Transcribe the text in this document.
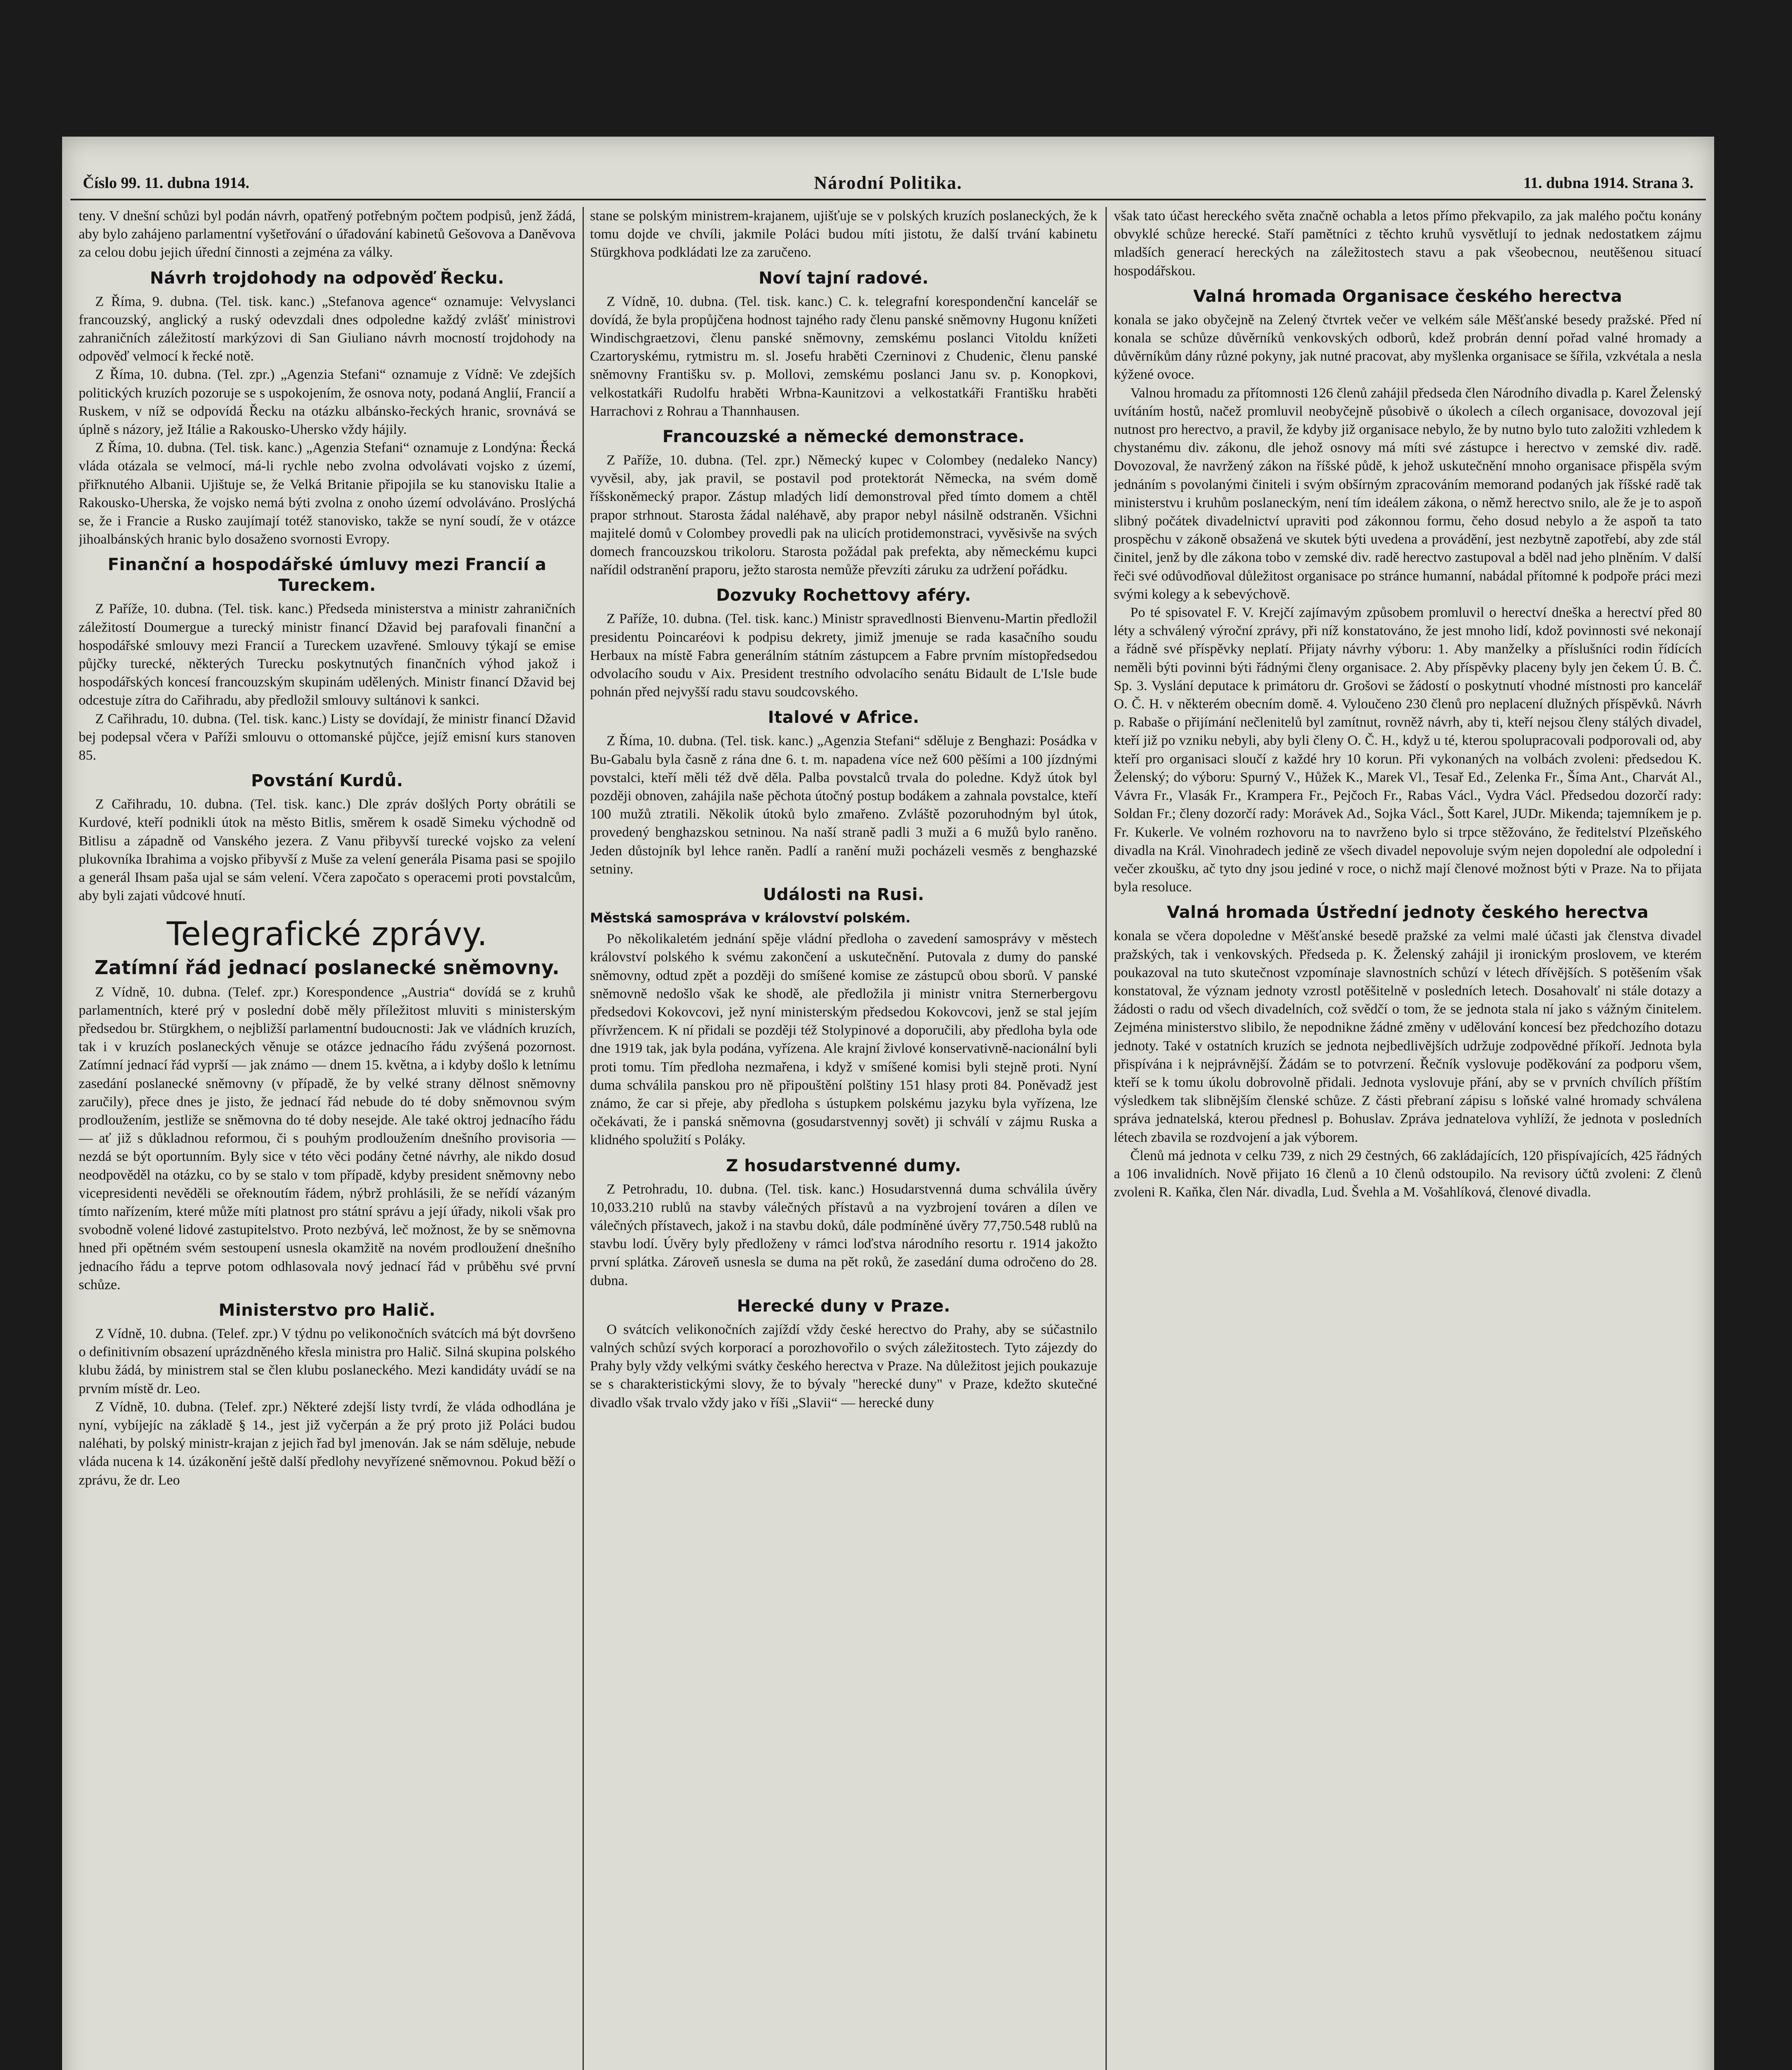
Číslo 99. 11. dubna 1914.	Národní Politika.	11. dubna 1914. Strana 3.

teny. V dnešní schůzi byl podán návrh, opatřený potřebným počtem podpisů, jenž žádá, aby bylo zahájeno parlamentní vyšetřování o úřadování kabinetů Gešovova a Daněvova za celou dobu jejich úřední činnosti a zejména za války.

Návrh trojdohody na odpověď Řecku.

Z Říma, 9. dubna. (Tel. tisk. kanc.) „Stefanova agence“ oznamuje: Velvyslanci francouzský, anglický a ruský odevzdali dnes odpoledne každý zvlášť ministrovi zahraničních záležitostí markýzovi di San Giuliano návrh mocností trojdohody na odpověď velmocí k řecké notě.

Z Říma, 10. dubna. (Tel. zpr.) „Agenzia Stefani“ oznamuje z Vídně: Ve zdejších politických kruzích pozoruje se s uspokojením, že osnova noty, podaná Anglií, Francií a Ruskem, v níž se odpovídá Řecku na otázku albánsko-řeckých hranic, srovnává se úplně s názory, jež Itálie a Rakousko-Uhersko vždy hájily.

Z Říma, 10. dubna. (Tel. tisk. kanc.) „Agenzia Stefani“ oznamuje z Londýna: Řecká vláda otázala se velmocí, má-li rychle nebo zvolna odvolávati vojsko z území, přiřknutého Albanii. Ujištuje se, že Velká Britanie připojila se ku stanovisku Italie a Rakousko-Uherska, že vojsko nemá býti zvolna z onoho území odvoláváno. Proslýchá se, že i Francie a Rusko zaujímají totéž stanovisko, takže se nyní soudí, že v otázce jihoalbánských hranic bylo dosaženo svornosti Evropy.

Finanční a hospodářské úmluvy mezi Francií a Tureckem.

Z Paříže, 10. dubna. (Tel. tisk. kanc.) Předseda ministerstva a ministr zahraničních záležitostí Doumergue a turecký ministr financí Džavid bej parafovali finanční a hospodářské smlouvy mezi Francií a Tureckem uzavřené. Smlouvy týkají se emise půjčky turecké, některých Turecku poskytnutých finančních výhod jakož i hospodářských koncesí francouzským skupinám udělených. Ministr financí Džavid bej odcestuje zítra do Cařihradu, aby předložil smlouvy sultánovi k sankci.

Z Cařihradu, 10. dubna. (Tel. tisk. kanc.) Listy se dovídají, že ministr financí Džavid bej podepsal včera v Paříži smlouvu o ottomanské půjčce, jejíž emisní kurs stanoven 85.

Povstání Kurdů.

Z Cařihradu, 10. dubna. (Tel. tisk. kanc.) Dle zpráv došlých Porty obrátili se Kurdové, kteří podnikli útok na město Bitlis, směrem k osadě Simeku východně od Bitlisu a západně od Vanského jezera. Z Vanu přibyvší turecké vojsko za velení plukovníka Ibrahima a vojsko přibyvší z Muše za velení generála Pisama pasi se spojilo a generál Ihsam paša ujal se sám velení. Včera započato s operacemi proti povstalcům, aby byli zajati vůdcové hnutí.

Telegrafické zprávy.
Zatímní řád jednací poslanecké sněmovny.

Z Vídně, 10. dubna. (Telef. zpr.) Korespondence „Austria“ dovídá se z kruhů parlamentních, které prý v poslední době měly příležitost mluviti s ministerským předsedou br. Stürgkhem, o nejbližší parlamentní budoucnosti: Jak ve vládních kruzích, tak i v kruzích poslaneckých věnuje se otázce jednacího řádu zvýšená pozornost. Zatímní jednací řád vyprší — jak známo — dnem 15. května, a i kdyby došlo k letnímu zasedání poslanecké sněmovny (v případě, že by velké strany dělnost sněmovny zaručily), přece dnes je jisto, že jednací řád nebude do té doby sněmovnou svým prodloužením, jestliže se sněmovna do té doby nesejde. Ale také oktroj jednacího řádu — ať již s důkladnou reformou, či s pouhým prodloužením dnešního provisoria — nezdá se být oportunním. Byly sice v této věci podány četné návrhy, ale nikdo dosud neodpověděl na otázku, co by se stalo v tom případě, kdyby president sněmovny nebo vicepresidenti nevěděli se ořeknoutím řádem, nýbrž prohlásili, že se neřídí vázaným tímto nařízením, které může míti platnost pro státní správu a její úřady, nikoli však pro svobodně volené lidové zastupitelstvo. Proto nezbývá, leč možnost, že by se sněmovna hned při opětném svém sestoupení usnesla okamžitě na novém prodloužení dnešního jednacího řádu a teprve potom odhlasovala nový jednací řád v průběhu své první schůze.

Ministerstvo pro Halič.

Z Vídně, 10. dubna. (Telef. zpr.) V týdnu po velikonočních svátcích má být dovršeno o definitivním obsazení uprázdněného křesla ministra pro Halič. Silná skupina polského klubu žádá, by ministrem stal se člen klubu poslaneckého. Mezi kandidáty uvádí se na prvním místě dr. Leo.

Z Vídně, 10. dubna. (Telef. zpr.) Některé zdejší listy tvrdí, že vláda odhodlána je nyní, vybíjejíc na základě § 14., jest již vyčerpán a že prý proto již Poláci budou naléhati, by polský ministr-krajan z jejich řad byl jmenován. Jak se nám sděluje, nebude vláda nucena k 14. úzákonění ještě další předlohy nevyřízené sněmovnou. Pokud běží o zprávu, že dr. Leo

stane se polským ministrem-krajanem, ujišťuje se v polských kruzích poslaneckých, že k tomu dojde ve chvíli, jakmile Poláci budou míti jistotu, že další trvání kabinetu Stürgkhova podkládati lze za zaručeno.

Noví tajní radové.

Z Vídně, 10. dubna. (Tel. tisk. kanc.) C. k. telegrafní korespondenční kancelář se dovídá, že byla propůjčena hodnost tajného rady členu panské sněmovny Hugonu knížeti Windischgraetzovi, členu panské sněmovny, zemskému poslanci Vitoldu knížeti Czartoryskému, rytmistru m. sl. Josefu hraběti Czerninovi z Chudenic, členu panské sněmovny Františku sv. p. Mollovi, zemskému poslanci Janu sv. p. Konopkovi, velkostatkáři Rudolfu hraběti Wrbna-Kaunitzovi a velkostatkáři Františku hraběti Harrachovi z Rohrau a Thannhausen.

Francouzské a německé demonstrace.

Z Paříže, 10. dubna. (Tel. zpr.) Německý kupec v Colombey (nedaleko Nancy) vyvěsil, aby, jak pravil, se postavil pod protektorát Německa, na svém domě říšskoněmecký prapor. Zástup mladých lidí demonstroval před tímto domem a chtěl prapor strhnout. Starosta žádal naléhavě, aby prapor nebyl násilně odstraněn. Všichni majitelé domů v Colombey provedli pak na ulicích protidemonstraci, vyvěsivše na svých domech francouzskou trikoloru. Starosta požádal pak prefekta, aby německému kupci nařídil odstranění praporu, ježto starosta nemůže převzíti záruku za udržení pořádku.

Dozvuky Rochettovy aféry.

Z Paříže, 10. dubna. (Tel. tisk. kanc.) Ministr spravedlnosti Bienvenu-Martin předložil presidentu Poincaréovi k podpisu dekrety, jimiž jmenuje se rada kasačního soudu Herbaux na místě Fabra generálním státním zástupcem a Fabre prvním místopředsedou odvolacího soudu v Aix. President trestního odvolacího senátu Bidault de L'Isle bude pohnán před nejvyšší radu stavu soudcovského.

Italové v Africe.

Z Říma, 10. dubna. (Tel. tisk. kanc.) „Agenzia Stefani“ sděluje z Benghazi: Posádka v Bu-Gabalu byla časně z rána dne 6. t. m. napadena více než 600 pěšími a 100 jízdnými povstalci, kteří měli též dvě děla. Palba povstalců trvala do poledne. Když útok byl později obnoven, zahájila naše pěchota útočný postup bodákem a zahnala povstalce, kteří 100 mužů ztratili. Několik útoků bylo zmařeno. Zvláště pozoruhodným byl útok, provedený benghazskou setninou. Na naší straně padli 3 muži a 6 mužů bylo raněno. Jeden důstojník byl lehce raněn. Padlí a ranění muži pocházeli vesměs z benghazské setniny.

Události na Rusi.
Městská samospráva v království polském.

Po několikaletém jednání spěje vládní předloha o zavedení samosprávy v městech království polského k svému zakončení a uskutečnění. Putovala z dumy do panské sněmovny, odtud zpět a později do smíšené komise ze zástupců obou sborů. V panské sněmovně nedošlo však ke shodě, ale předložila ji ministr vnitra Sternerbergovu předsedovi Kokovcovi, jež nyní ministerským předsedou Kokovcovi, jenž se stal jejím přívržencem. K ní přidali se později též Stolypinové a doporučili, aby předloha byla ode dne 1919 tak, jak byla podána, vyřízena. Ale krajní živlové konservativně-nacionální byli proti tomu. Tím předloha nezmařena, i když v smíšené komisi byli stejně proti. Nyní duma schválila panskou pro ně připouštění polštiny 151 hlasy proti 84. Poněvadž jest známo, že car si přeje, aby předloha s ústupkem polskému jazyku byla vyřízena, lze očekávati, že i panská sněmovna (gosudarstvennyj sovět) ji schválí v zájmu Ruska a klidného spolužití s Poláky.

Z hosudarstvenné dumy.

Z Petrohradu, 10. dubna. (Tel. tisk. kanc.) Hosudarstvenná duma schválila úvěry 10,033.210 rublů na stavby válečných přístavů a na vyzbrojení továren a dílen ve válečných přístavech, jakož i na stavbu doků, dále podmíněné úvěry 77,750.548 rublů na stavbu lodí. Úvěry byly předloženy v rámci loďstva národního resortu r. 1914 jakožto první splátka. Zároveň usnesla se duma na pět roků, že zasedání duma odročeno do 28. dubna.

Herecké duny v Praze.

O svátcích velikonočních zajíždí vždy české herectvo do Prahy, aby se súčastnilo valných schůzí svých korporací a porozhovořilo o svých záležitostech. Tyto zájezdy do Prahy byly vždy velkými svátky českého herectva v Praze. Na důležitost jejich poukazuje se s charakteristickými slovy, že to bývaly "herecké duny" v Praze, kdežto skutečné divadlo však trvalo vždy jako v říši „Slavii“ — herecké duny

však tato účast hereckého světa značně ochabla a letos přímo překvapilo, za jak malého počtu konány obvyklé schůze herecké. Staří pamětníci z těchto kruhů vysvětlují to jednak nedostatkem zájmu mladších generací hereckých na záležitostech stavu a pak všeobecnou, neutěšenou situací hospodářskou.

Valná hromada Organisace českého herectva

konala se jako obyčejně na Zelený čtvrtek večer ve velkém sále Měšťanské besedy pražské. Před ní konala se schůze důvěrníků venkovských odborů, kdež probrán denní pořad valné hromady a důvěrníkům dány různé pokyny, jak nutné pracovat, aby myšlenka organisace se šířila, vzkvétala a nesla kýžené ovoce.

Valnou hromadu za přítomnosti 126 členů zahájil předseda člen Národního divadla p. Karel Želenský uvítáním hostů, načež promluvil neobyčejně působivě o úkolech a cílech organisace, dovozoval její nutnost pro herectvo, a pravil, že kdyby již organisace nebylo, že by nutno bylo tuto založiti vzhledem k chystanému div. zákonu, dle jehož osnovy má míti své zástupce i herectvo v zemské div. radě. Dovozoval, že navržený zákon na říšské půdě, k jehož uskutečnění mnoho organisace přispěla svým jednáním s povolanými činiteli i svým obšírným zpracováním memorand podaných jak říšské radě tak ministerstvu i kruhům poslaneckým, není tím ideálem zákona, o němž herectvo snilo, ale že je to aspoň slibný počátek divadelnictví upraviti pod zákonnou formu, čeho dosud nebylo a že aspoň ta tato prospěchu v zákoně obsažená ve skutek býti uvedena a provádění, jest nezbytně zapotřebí, aby zde stál činitel, jenž by dle zákona tobo v zemské div. radě herectvo zastupoval a bděl nad jeho plněním. V další řeči své odůvodňoval důležitost organisace po stránce humanní, nabádal přítomné k podpoře práci mezi svými kolegy a k sebevýchově.

Po té spisovatel F. V. Krejčí zajímavým způsobem promluvil o herectví dneška a herectví před 80 léty a schválený výroční zprávy, při níž konstatováno, že jest mnoho lidí, kdož povinnosti své nekonají a řádně své příspěvky neplatí. Přijaty návrhy výboru: 1. Aby manželky a příslušníci rodin řídících neměli býti povinni býti řádnými členy organisace. 2. Aby příspěvky placeny byly jen čekem Ú. B. Č. Sp. 3. Vyslání deputace k primátoru dr. Grošovi se žádostí o poskytnutí vhodné místnosti pro kancelář O. Č. H. v některém obecním domě. 4. Vyloučeno 230 členů pro neplacení dlužných příspěvků. Návrh p. Rabaše o přijímání nečlenitelů byl zamítnut, rovněž návrh, aby ti, kteří nejsou členy stálých divadel, kteří již po vzniku nebyli, aby byli členy O. Č. H., když u té, kterou spolupracovali podporovali od, aby kteří pro organisaci sloučí z každé hry 10 korun. Při vykonaných na volbách zvoleni: předsedou K. Želenský; do výboru: Spurný V., Hůžek K., Marek Vl., Tesař Ed., Zelenka Fr., Šíma Ant., Charvát Al., Vávra Fr., Vlasák Fr., Krampera Fr., Pejčoch Fr., Rabas Václ., Vydra Václ. Předsedou dozorčí rady: Soldan Fr.; členy dozorčí rady: Morávek Ad., Sojka Václ., Šott Karel, JUDr. Mikenda; tajemníkem je p. Fr. Kukerle. Ve volném rozhovoru na to navrženo bylo si trpce stěžováno, že ředitelství Plzeňského divadla na Král. Vinohradech jedině ze všech divadel nepovoluje svým nejen dopolední ale odpolední i večer zkoušku, ač tyto dny jsou jediné v roce, o nichž mají členové možnost býti v Praze. Na to přijata byla resoluce.

Valná hromada Ústřední jednoty českého herectva

konala se včera dopoledne v Měšťanské besedě pražské za velmi malé účasti jak členstva divadel pražských, tak i venkovských. Předseda p. K. Želenský zahájil ji ironickým proslovem, ve kterém poukazoval na tuto skutečnost vzpomínaje slavnostních schůzí v létech dřívějších. S potěšením však konstatoval, že význam jednoty vzrostl potěšitelně v posledních letech. Dosahovalť ni stále dotazy a žádosti o radu od všech divadelních, což svědčí o tom, že se jednota stala ní jako s vážným činitelem. Zejména ministerstvo slibilo, že nepodnikne žádné změny v udělování koncesí bez předchozího dotazu jednoty. Také v ostatních kruzích se jednota nejbedlivějších udržuje zodpovědné příkoří. Jednota byla přispívána i k nejprávnější. Žádám se to potvrzení. Řečník vyslovuje poděkování za podporu všem, kteří se k tomu úkolu dobrovolně přidali. Jednota vyslovuje přání, aby se v prvních chvílích příštím výsledkem tak slibnějším členské schůze. Z části přebraní zápisu s loňské valné hromady schválena správa jednatelská, kterou přednesl p. Bohuslav. Zpráva jednatelova vyhlíží, že jednota v posledních létech zbavila se rozdvojení a jak výborem.

Členů má jednota v celku 739, z nich 29 čestných, 66 zakládajících, 120 přispívajících, 425 řádných a 106 invalidních. Nově přijato 16 členů a 10 členů odstoupilo. Na revisory účtů zvoleni: Z členů zvoleni R. Kaňka, člen Nár. divadla, Lud. Švehla a M. Vošahlíková, členové divadla.
